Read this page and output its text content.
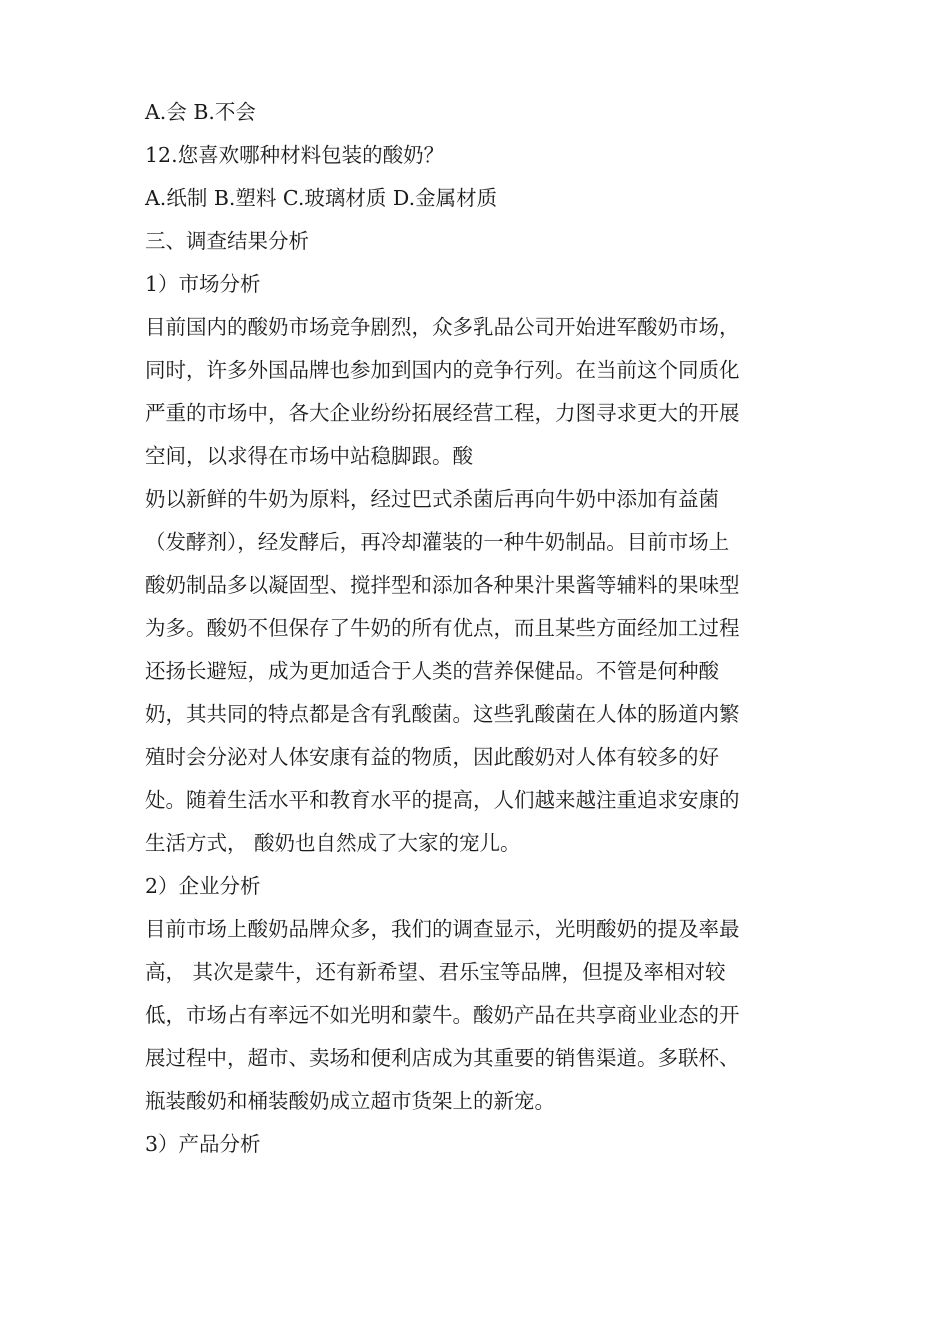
A.会 B.不会
12.您喜欢哪种材料包装的酸奶？
A.纸制 B.塑料 C.玻璃材质 D.金属材质
三、调查结果分析
1）市场分析
目前国内的酸奶市场竞争剧烈，众多乳品公司开始进军酸奶市场，
同时，许多外国品牌也参加到国内的竞争行列。在当前这个同质化
严重的市场中，各大企业纷纷拓展经营工程，力图寻求更大的开展
空间，以求得在市场中站稳脚跟。酸
奶以新鲜的牛奶为原料，经过巴式杀菌后再向牛奶中添加有益菌
（发酵剂），经发酵后，再冷却灌装的一种牛奶制品。目前市场上
酸奶制品多以凝固型、搅拌型和添加各种果汁果酱等辅料的果味型
为多。酸奶不但保存了牛奶的所有优点，而且某些方面经加工过程
还扬长避短，成为更加适合于人类的营养保健品。不管是何种酸
奶，其共同的特点都是含有乳酸菌。这些乳酸菌在人体的肠道内繁
殖时会分泌对人体安康有益的物质，因此酸奶对人体有较多的好
处。随着生活水平和教育水平的提高，人们越来越注重追求安康的
生活方式， 酸奶也自然成了大家的宠儿。
2）企业分析
目前市场上酸奶品牌众多，我们的调查显示，光明酸奶的提及率最
高， 其次是蒙牛，还有新希望、君乐宝等品牌，但提及率相对较
低，市场占有率远不如光明和蒙牛。酸奶产品在共享商业业态的开
展过程中，超市、卖场和便利店成为其重要的销售渠道。多联杯、
瓶装酸奶和桶装酸奶成立超市货架上的新宠。
3）产品分析
